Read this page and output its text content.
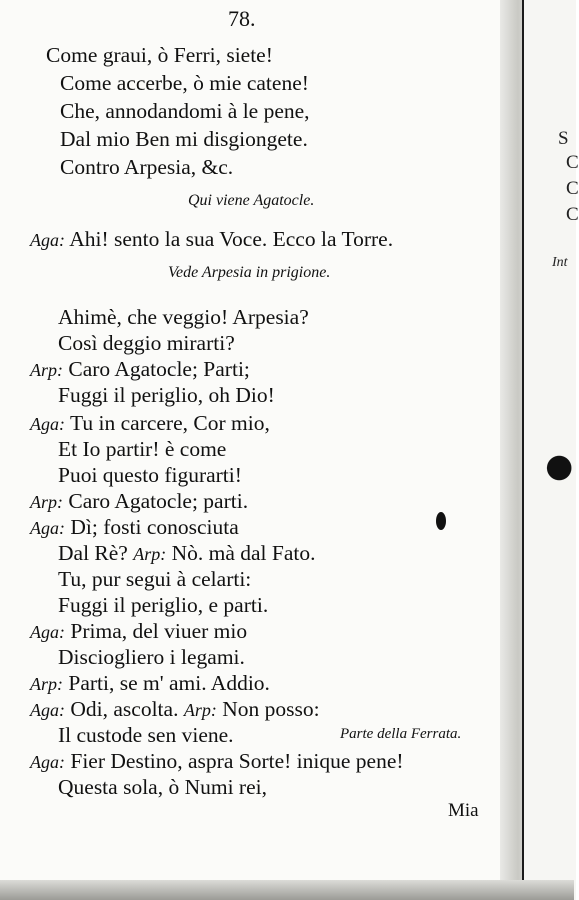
S
C
C
C
Int
78.
Come graui, ò Ferri, siete!
Come accerbe, ò mie catene!
Che, annodandomi à le pene,
Dal mio Ben mi disgiongete.
Contro Arpesia, &c.
Qui viene Agatocle.
Aga: Ahi! sento la sua Voce. Ecco la Torre.
Vede Arpesia in prigione.
Ahimè, che veggio! Arpesia?
Così deggio mirarti?
Arp: Caro Agatocle; Parti;
Fuggi il periglio, oh Dio!
Aga: Tu in carcere, Cor mio,
Et Io partir! è come
Puoi questo figurarti!
Arp: Caro Agatocle; parti.
Aga: Dì; fosti conosciuta
Dal Rè? Arp: Nò. mà dal Fato.
Tu, pur segui à celarti:
Fuggi il periglio, e parti.
Aga: Prima, del viuer mio
Disciogliero i legami.
Arp: Parti, se m' ami. Addio.
Aga: Odi, ascolta. Arp: Non posso:
Il custode sen viene.	Parte della Ferrata.
Aga: Fier Destino, aspra Sorte! inique pene!
Questa sola, ò Numi rei,
Mia
